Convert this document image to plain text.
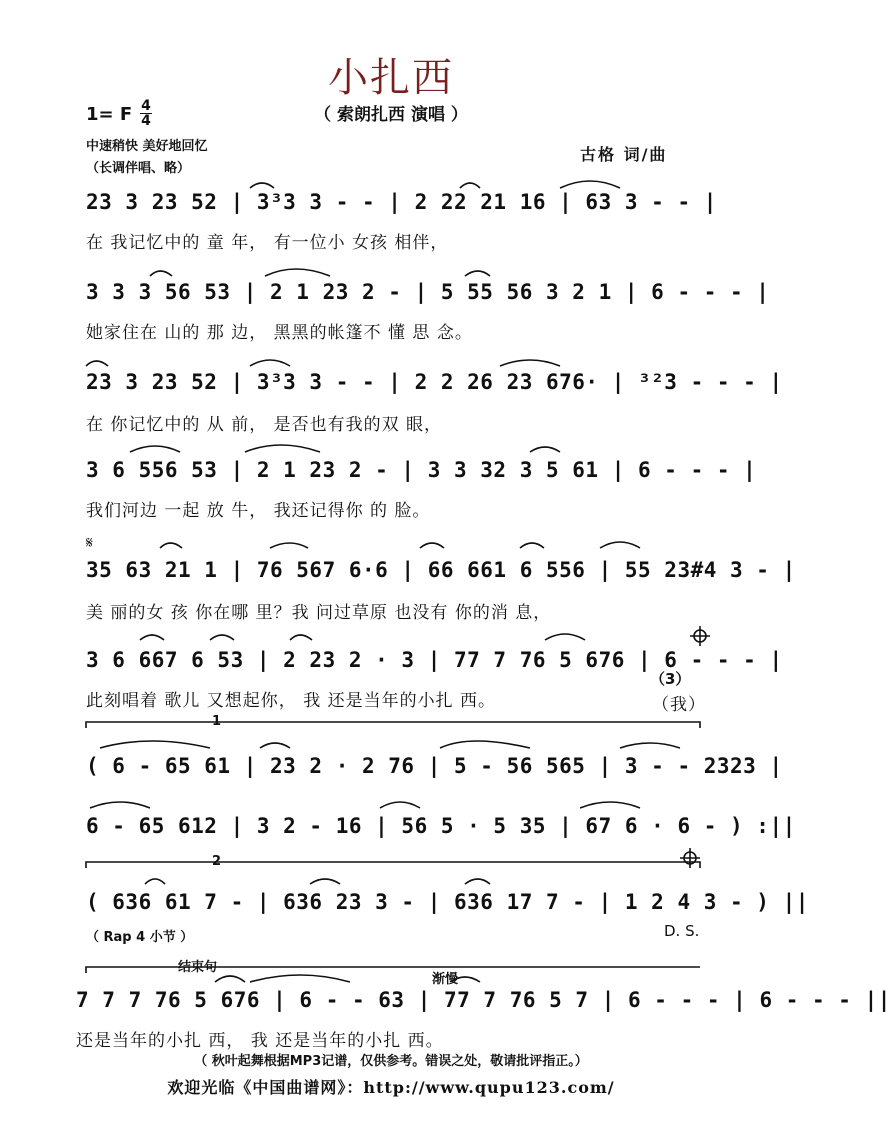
小扎西
（ 索朗扎西 演唱 ）
1= F 4
4
中速稍快 美好地回忆
（长调伴唱、略）
古格 词/曲
𝄋
23 3 23 52 | 3³3 3 - - | 2 22 21 16 | 63 3 - - |
在 我记忆中的 童 年， 有一位小 女孩 相伴，
3 3 3 56 53 | 2 1 23 2 - | 5 55 56 3 2 1 | 6 - - - |
她家住在 山的 那 边， 黑黑的帐篷不 懂 思 念。
23 3 23 52 | 3³3 3 - - | 2 2 26 23 676· | ³²3 - - - |
在 你记忆中的 从 前， 是否也有我的双 眼，
3 6 556 53 | 2 1 23 2 - | 3 3 32 3 5 61 | 6 - - - |
我们河边 一起 放 牛， 我还记得你 的 脸。
35 63 21 1 | 76 567 6·6 | 66 661 6 556 | 55 23#4 3 - |
美 丽的女 孩 你在哪 里？我 问过草原 也没有 你的消 息，
3 6 667 6 53 | 2 23 2 · 3 | 77 7 76 5 676 | 6 - - - |
此刻唱着 歌儿 又想起你， 我 还是当年的小扎 西。
（3）
（我）
1
( 6 - 65 61 | 23 2 · 2 76 | 5 - 56 565 | 3 - - 2323 |
6 - 65 612 | 3 2 - 16 | 56 5 · 5 35 | 67 6 · 6 - ) :||
2
( 636 61 7 - | 636 23 3 - | 636 17 7 - | 1 2 4 3 - ) ||
（ Rap 4 小节 ）	D. S.
结束句
渐慢
7 7 7 76 5 676 | 6 - - 63 | 77 7 76 5 7 | 6 - - - | 6 - - - ||
还是当年的小扎 西， 我 还是当年的小扎 西。
（ 秋叶起舞根据MP3记谱，仅供参考。错误之处，敬请批评指正。）
欢迎光临《中国曲谱网》：http://www.qupu123.com/
